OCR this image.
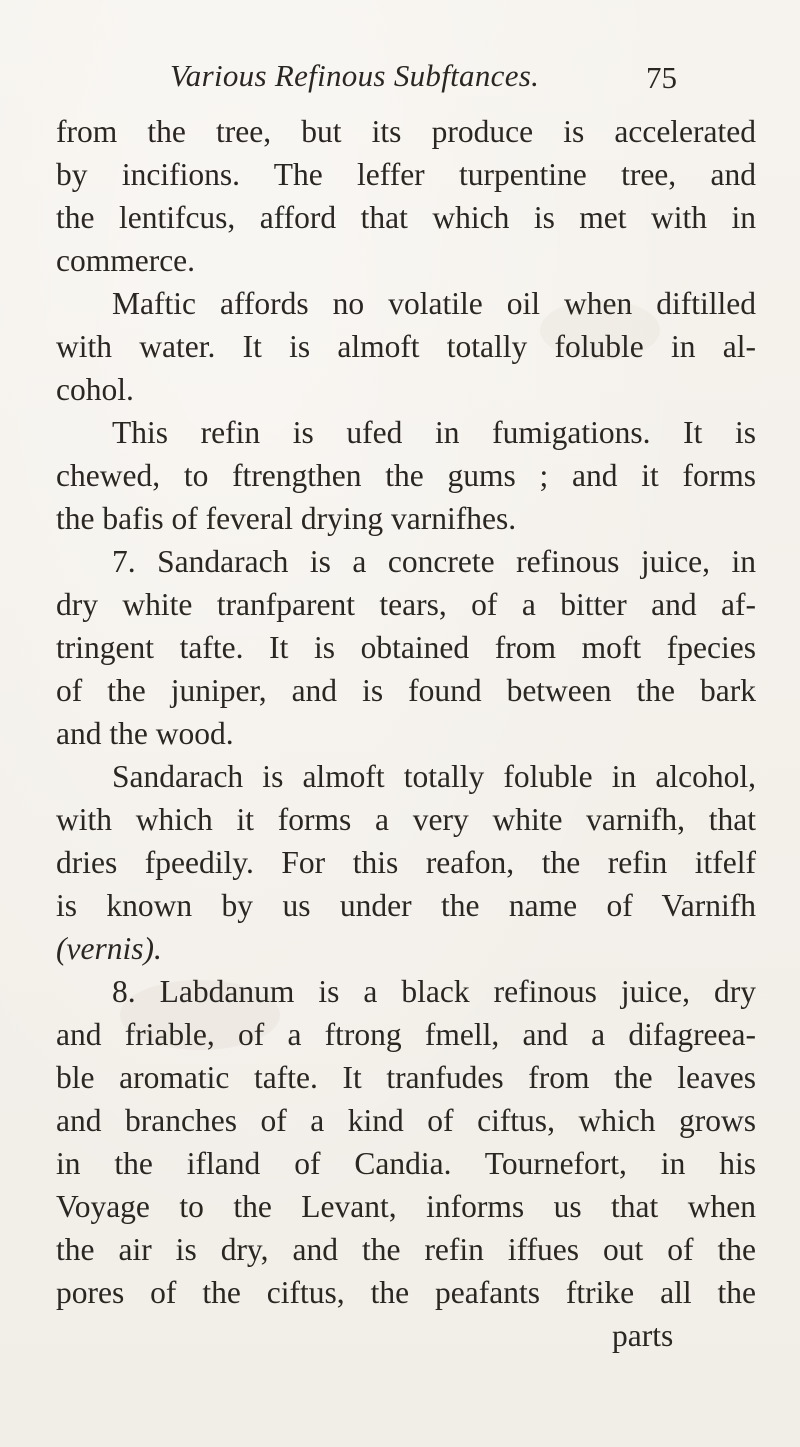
Various Refinous Subftances.	75
from the tree, but its produce is accelerated
by incifions. The leffer turpentine tree, and
the lentifcus, afford that which is met with in
commerce.
Maftic affords no volatile oil when diftilled
with water. It is almoft totally foluble in al-
cohol.
This refin is ufed in fumigations. It is
chewed, to ftrengthen the gums ; and it forms
the bafis of feveral drying varnifhes.
7. Sandarach is a concrete refinous juice, in
dry white tranfparent tears, of a bitter and af-
tringent tafte. It is obtained from moft fpecies
of the juniper, and is found between the bark
and the wood.
Sandarach is almoft totally foluble in alcohol,
with which it forms a very white varnifh, that
dries fpeedily. For this reafon, the refin itfelf
is known by us under the name of Varnifh
(vernis).
8. Labdanum is a black refinous juice, dry
and friable, of a ftrong fmell, and a difagreea-
ble aromatic tafte. It tranfudes from the leaves
and branches of a kind of ciftus, which grows
in the ifland of Candia. Tournefort, in his
Voyage to the Levant, informs us that when
the air is dry, and the refin iffues out of the
pores of the ciftus, the peafants ftrike all the
parts
